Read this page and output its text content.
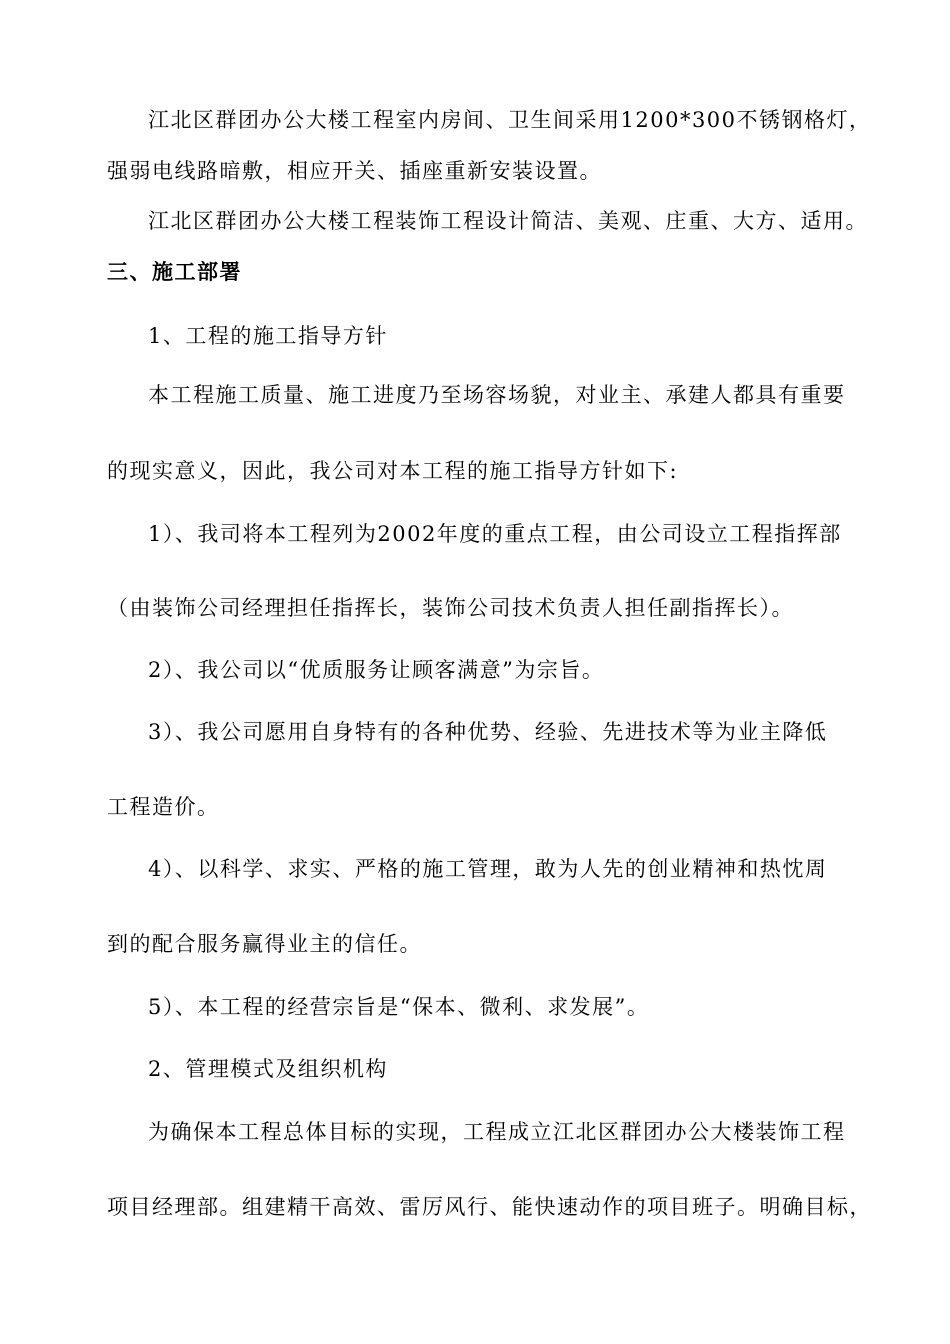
江北区群团办公大楼工程室内房间、卫生间采用1200*300不锈钢格灯，
强弱电线路暗敷，相应开关、插座重新安装设置。
江北区群团办公大楼工程装饰工程设计简洁、美观、庄重、大方、适用。
三、施工部署
1、工程的施工指导方针
本工程施工质量、施工进度乃至场容场貌，对业主、承建人都具有重要
的现实意义，因此，我公司对本工程的施工指导方针如下:
1）、我司将本工程列为2002年度的重点工程，由公司设立工程指挥部
（由装饰公司经理担任指挥长，装饰公司技术负责人担任副指挥长）。
2）、我公司以“优质服务让顾客满意”为宗旨。
3）、我公司愿用自身特有的各种优势、经验、先进技术等为业主降低
工程造价。
4）、以科学、求实、严格的施工管理，敢为人先的创业精神和热忱周
到的配合服务赢得业主的信任。
5）、本工程的经营宗旨是“保本、微利、求发展”。
2、管理模式及组织机构
为确保本工程总体目标的实现，工程成立江北区群团办公大楼装饰工程
项目经理部。组建精干高效、雷厉风行、能快速动作的项目班子。明确目标，
